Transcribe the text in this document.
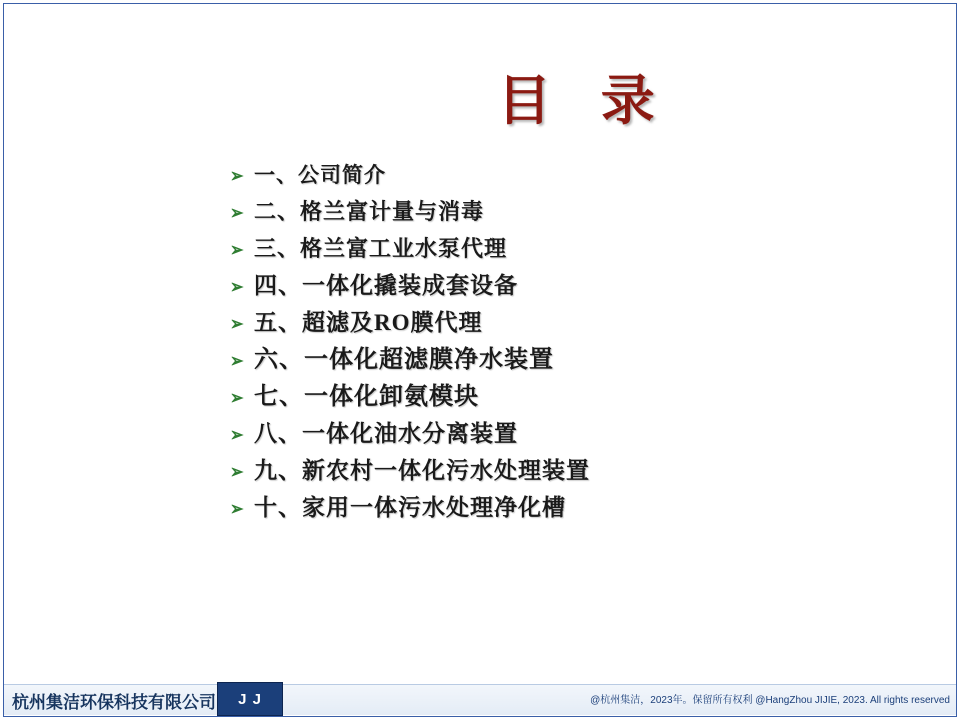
目 录
➢ 一、公司简介
➢ 二、格兰富计量与消毒
➢ 三、格兰富工业水泵代理
➢ 四、一体化撬装成套设备
➢ 五、超滤及RO膜代理
➢ 六、一体化超滤膜净水装置
➢ 七、一体化卸氨模块
➢ 八、一体化油水分离装置
➢ 九、新农村一体化污水处理装置
➢ 十、家用一体污水处理净化槽
杭州集洁环保科技有限公司 J J	@杭州集洁，2023年。保留所有权利 @HangZhou JIJIE, 2023. All rights reserved
